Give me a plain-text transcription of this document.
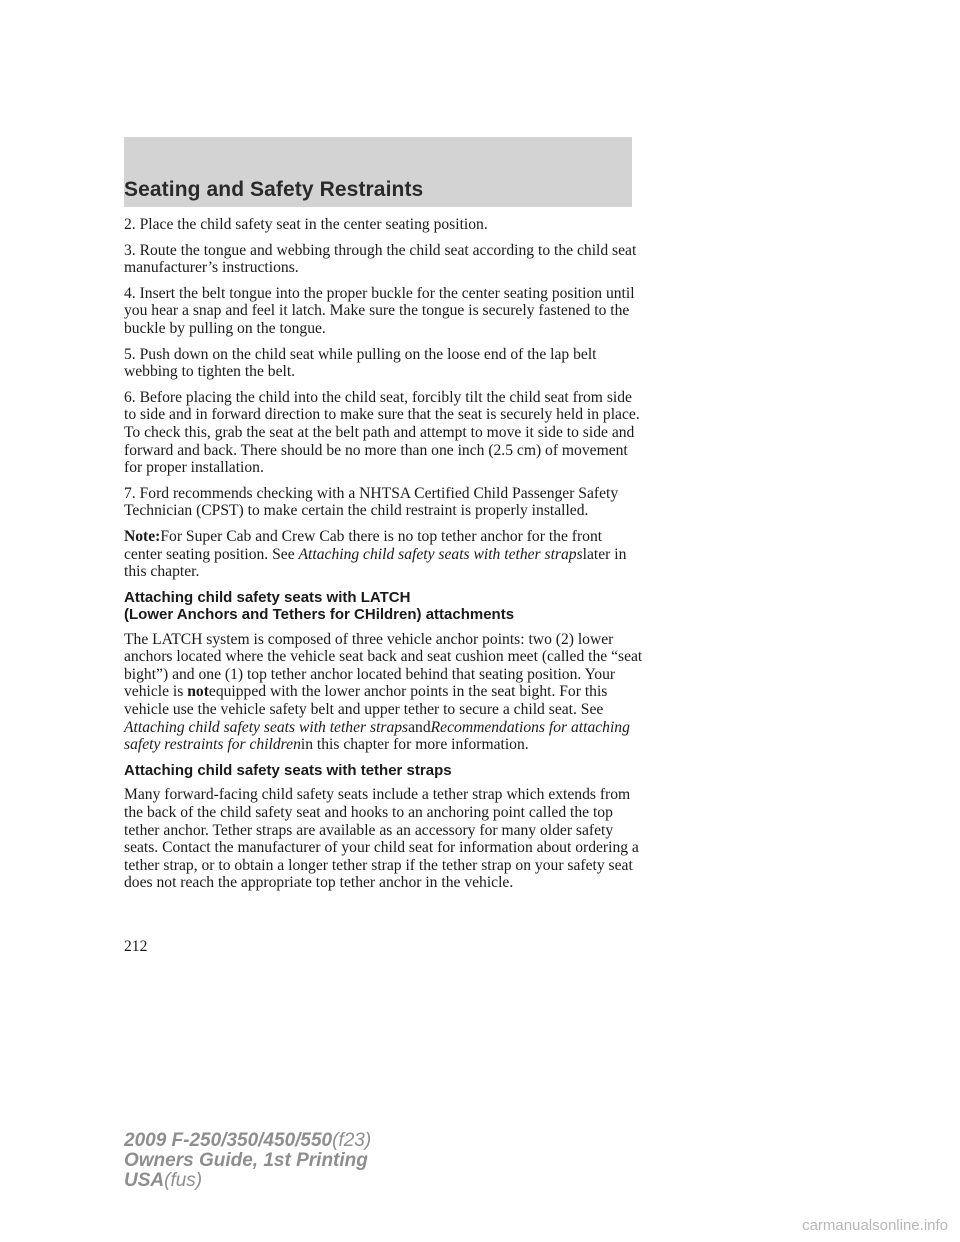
Seating and Safety Restraints

2. Place the child safety seat in the center seating position.

3. Route the tongue and webbing through the child seat according to the child seat manufacturer’s instructions.

4. Insert the belt tongue into the proper buckle for the center seating position until you hear a snap and feel it latch. Make sure the tongue is securely fastened to the buckle by pulling on the tongue.

5. Push down on the child seat while pulling on the loose end of the lap belt webbing to tighten the belt.

6. Before placing the child into the child seat, forcibly tilt the child seat from side to side and in forward direction to make sure that the seat is securely held in place. To check this, grab the seat at the belt path and attempt to move it side to side and forward and back. There should be no more than one inch (2.5 cm) of movement for proper installation.

7. Ford recommends checking with a NHTSA Certified Child Passenger Safety Technician (CPST) to make certain the child restraint is properly installed.

Note:For Super Cab and Crew Cab there is no top tether anchor for the front center seating position. See Attaching child safety seats with tether strapslater in this chapter.

Attaching child safety seats with LATCH
(Lower Anchors and Tethers for CHildren) attachments

The LATCH system is composed of three vehicle anchor points: two (2) lower anchors located where the vehicle seat back and seat cushion meet (called the “seat bight”) and one (1) top tether anchor located behind that seating position. Your vehicle is notequipped with the lower anchor points in the seat bight. For this vehicle use the vehicle safety belt and upper tether to secure a child seat. See Attaching child safety seats with tether strapsandRecommendations for attaching safety restraints for childrenin this chapter for more information.

Attaching child safety seats with tether straps

Many forward-facing child safety seats include a tether strap which extends from the back of the child safety seat and hooks to an anchoring point called the top tether anchor. Tether straps are available as an accessory for many older safety seats. Contact the manufacturer of your child seat for information about ordering a tether strap, or to obtain a longer tether strap if the tether strap on your safety seat does not reach the appropriate top tether anchor in the vehicle.

212
2009 F-250/350/450/550(f23)
Owners Guide, 1st Printing
USA(fus)
carmanualsonline.info
